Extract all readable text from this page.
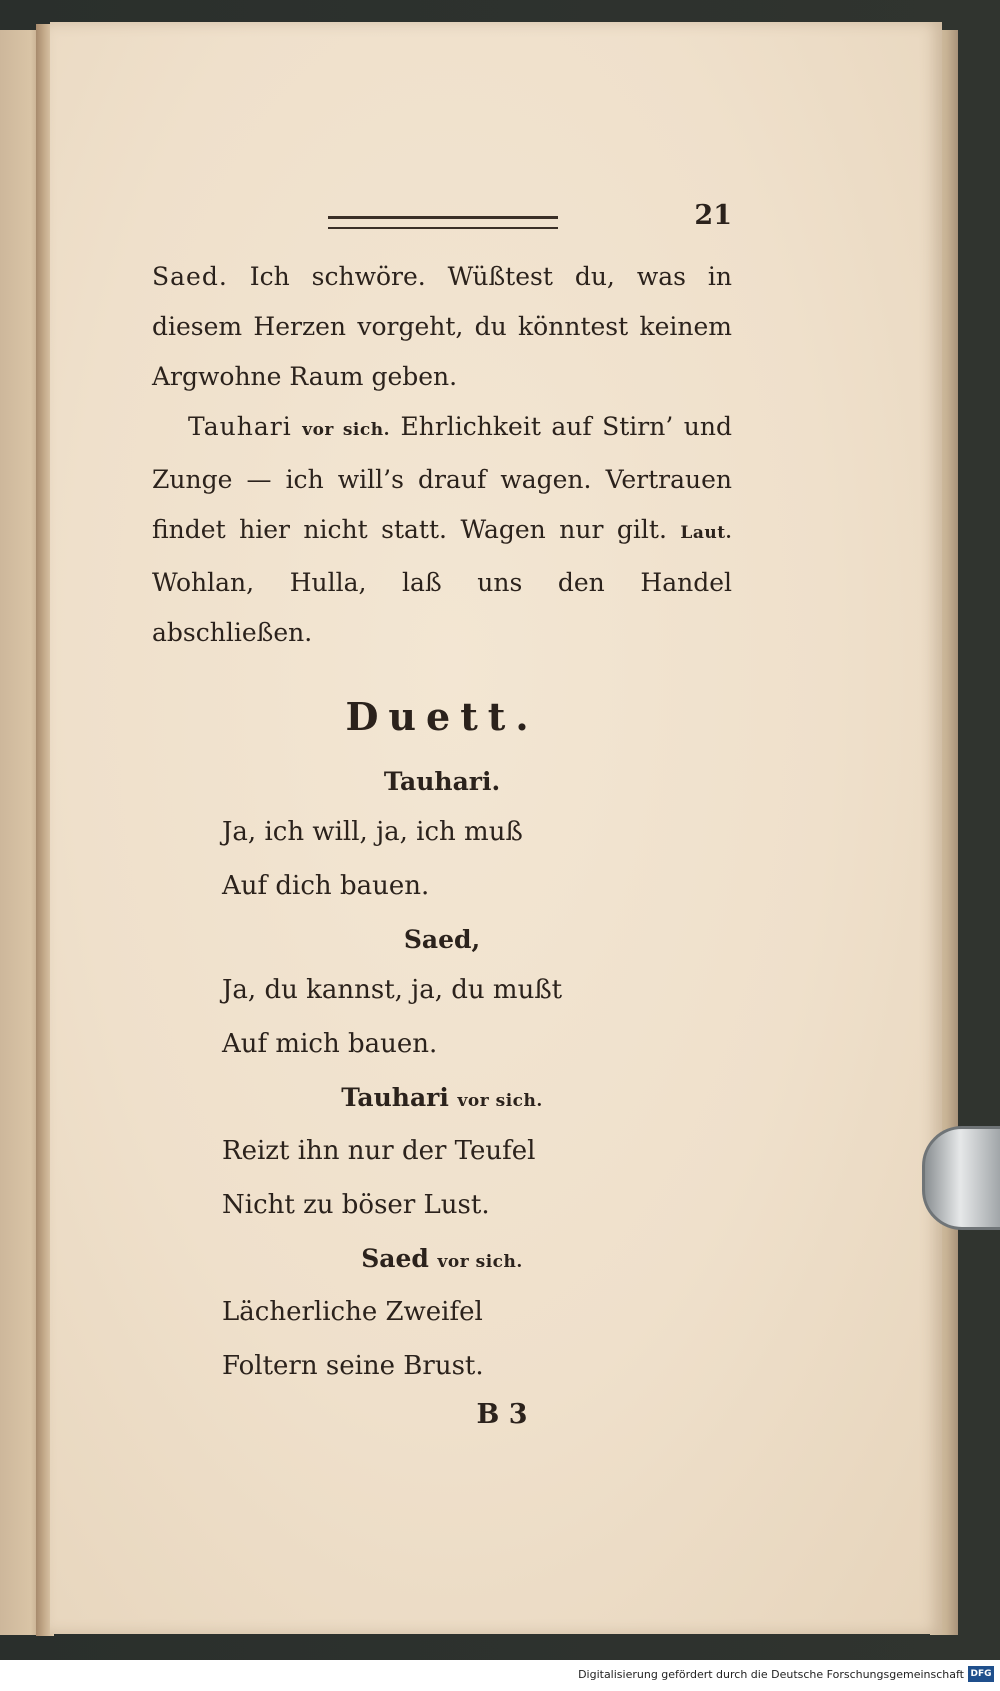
21

Saed. Ich schwöre. Wüßtest du, was in diesem Herzen vorgeht, du könntest keinem Argwohne Raum geben.

Tauhari vor sich. Ehrlichkeit auf Stirn’ und Zunge — ich will’s drauf wagen. Vertrauen findet hier nicht statt. Wagen nur gilt. Laut. Wohlan, Hulla, laß uns den Handel abschließen.

Duett.
Tauhari.
Ja, ich will, ja, ich muß
Auf dich bauen.
Saed,
Ja, du kannst, ja, du mußt
Auf mich bauen.
Tauhari vor sich.
Reizt ihn nur der Teufel
Nicht zu böser Lust.
Saed vor sich.
Lächerliche Zweifel
Foltern seine Brust.
B 3
Digitalisierung gefördert durch die Deutsche Forschungsgemeinschaft DFG
